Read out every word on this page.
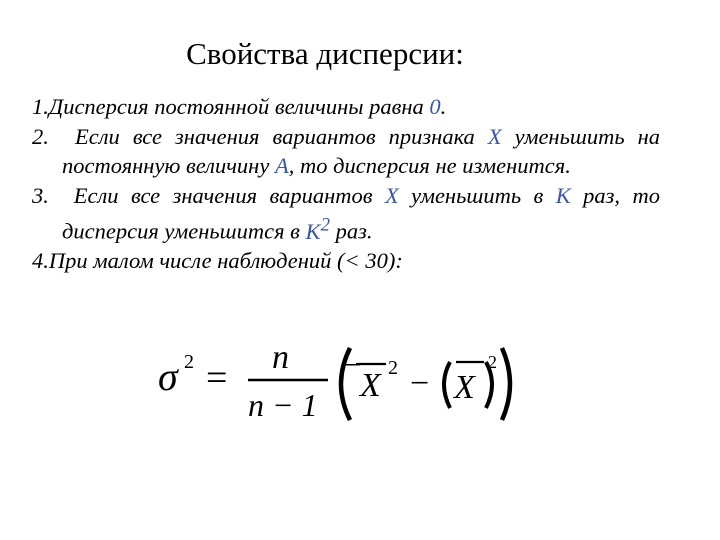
Свойства дисперсии:

1.Дисперсия постоянной величины равна 0.

2. Если все значения вариантов признака X уменьшить на постоянную величину A, то дисперсия не изменится.

3. Если все значения вариантов X уменьшить в K раз, то дисперсия уменьшится в $K^2$ раз.

4.При малом числе наблюдений (< 30):

σ 2 = n
n − 1
‾ X 2 − X
2
